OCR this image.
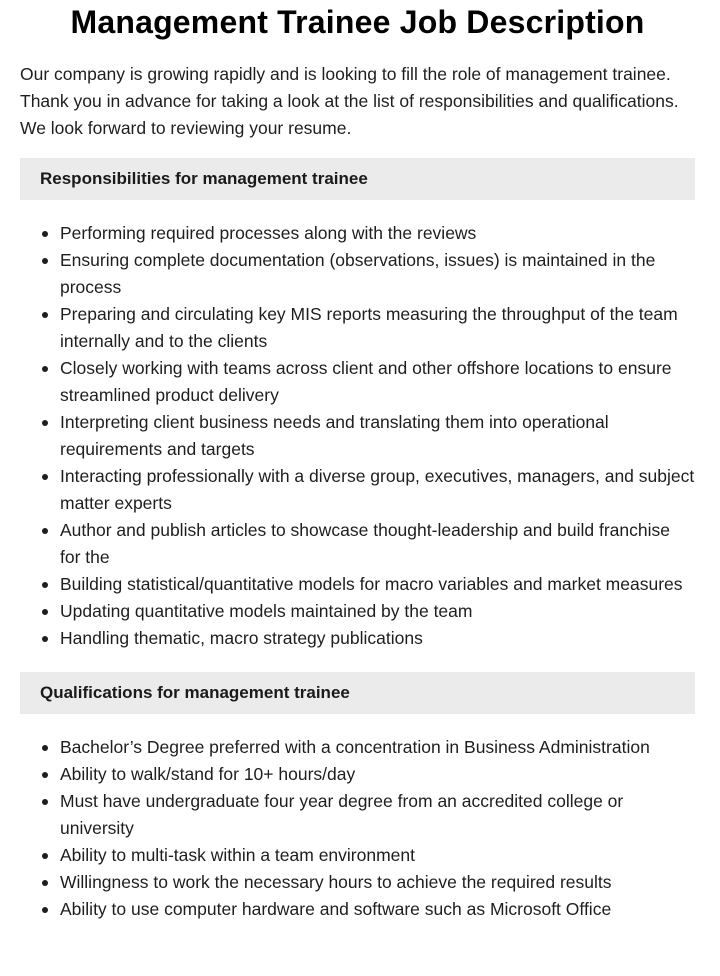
Management Trainee Job Description

Our company is growing rapidly and is looking to fill the role of management trainee. Thank you in advance for taking a look at the list of responsibilities and qualifications. We look forward to reviewing your resume.

Responsibilities for management trainee
Performing required processes along with the reviews
Ensuring complete documentation (observations, issues) is maintained in the process
Preparing and circulating key MIS reports measuring the throughput of the team internally and to the clients
Closely working with teams across client and other offshore locations to ensure streamlined product delivery
Interpreting client business needs and translating them into operational requirements and targets
Interacting professionally with a diverse group, executives, managers, and subject matter experts
Author and publish articles to showcase thought-leadership and build franchise for the
Building statistical/quantitative models for macro variables and market measures
Updating quantitative models maintained by the team
Handling thematic, macro strategy publications
Qualifications for management trainee
Bachelor’s Degree preferred with a concentration in Business Administration
Ability to walk/stand for 10+ hours/day
Must have undergraduate four year degree from an accredited college or university
Ability to multi-task within a team environment
Willingness to work the necessary hours to achieve the required results
Ability to use computer hardware and software such as Microsoft Office
